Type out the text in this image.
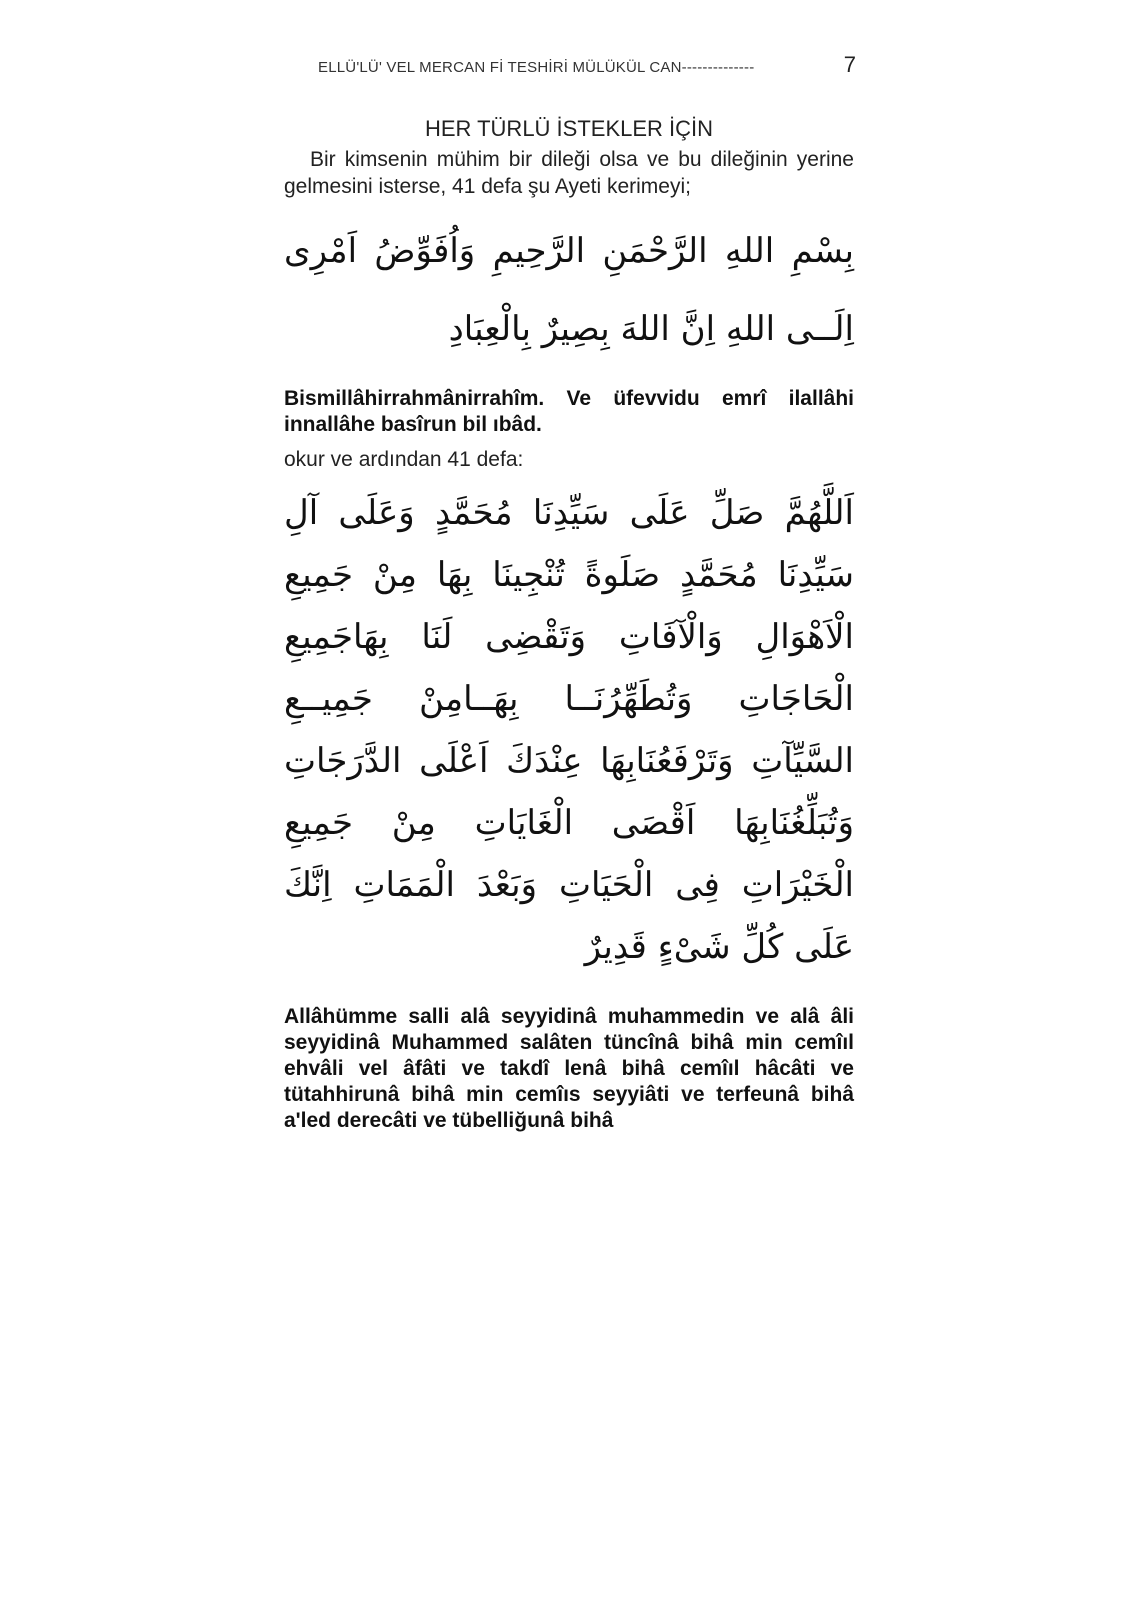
ELLÜ'LÜ' VEL MERCAN Fİ TESHİRİ MÜLÜKÜL CAN--------------	7
HER TÜRLÜ İSTEKLER İÇİN

Bir kimsenin mühim bir dileği olsa ve bu dileğinin yerine gelmesini isterse, 41 defa şu Ayeti kerimeyi;

بِسْمِ اللهِ الرَّحْمَنِ الرَّحِيمِ وَاُفَوِّضُ اَمْرِى اِلَــى اللهِ اِنَّ اللهَ بِصِيرٌ بِالْعِبَادِ

Bismillâhirrahmânirrahîm. Ve üfevvidu emrî ilallâhi innallâhe basîrun bil ıbâd.

okur ve ardından 41 defa:

اَللَّهُمَّ صَلِّ عَلَى سَيِّدِنَا مُحَمَّدٍ وَعَلَى آلِ سَيِّدِنَا مُحَمَّدٍ صَلَوةً تُنْجِينَا بِهَا مِنْ جَمِيعِ الْاَهْوَالِ وَالْآفَاتِ وَتَقْضِى لَنَا بِهَاجَمِيعِ الْحَاجَاتِ وَتُطَهِّرُنَــا بِهَــامِنْ جَمِيــعِ السَّيِّآتِ وَتَرْفَعُنَابِهَا عِنْدَكَ اَعْلَى الدَّرَجَاتِ وَتُبَلِّغُنَابِهَا اَقْصَى الْغَايَاتِ مِنْ جَمِيعِ الْخَيْرَاتِ فِى الْحَيَاتِ وَبَعْدَ الْمَمَاتِ اِنَّكَ عَلَى كُلِّ شَىْءٍ قَدِيرٌ

Allâhümme salli alâ seyyidinâ muhammedin ve alâ âli seyyidinâ Muhammed salâten tüncînâ bihâ min cemîıl ehvâli vel âfâti ve takdî lenâ bihâ cemîıl hâcâti ve tütahhirunâ bihâ min cemîıs seyyiâti ve terfeunâ bihâ a'led derecâti ve tübelliğunâ bihâ
